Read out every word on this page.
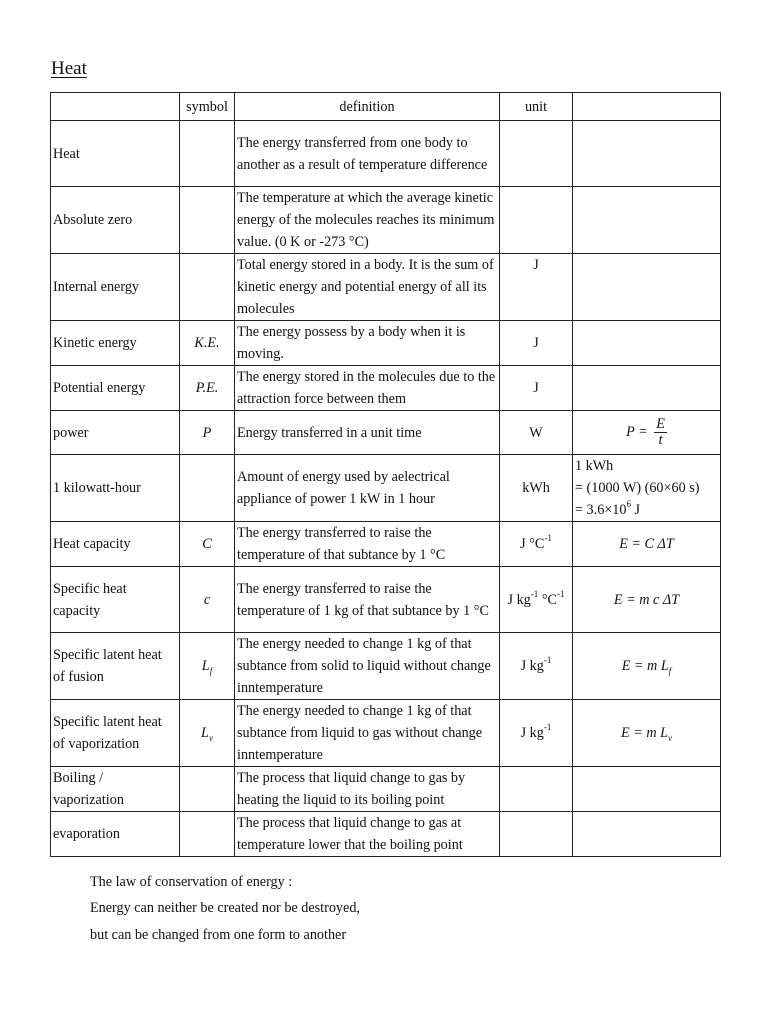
Heat
	symbol	definition	unit	
Heat		The energy transferred from one body to another as a result of temperature difference		
Absolute zero		The temperature at which the average kinetic energy of the molecules reaches its minimum value. (0 K or -273 °C)		
Internal energy		Total energy stored in a body. It is the sum of kinetic energy and potential energy of all its molecules	J	
Kinetic energy	K.E.	The energy possess by a body when it is moving.	J	
Potential energy	P.E.	The energy stored in the molecules due to the attraction force between them	J	
power	P	Energy transferred in a unit time	W	$P = \frac{E}{t}$

1 kilowatt-hour		Amount of energy used by aelectrical appliance of power 1 kW in 1 hour	kWh	1 kWh
= (1000 W) (60×60 s)
= $3.6\times 10^6$ J

Heat capacity	C	The energy transferred to raise the temperature of that subtance by 1 °C	J $^\circ C^{-1}$	E = C ΔT
Specific heat capacity	c	The energy transferred to raise the temperature of 1 kg of that subtance by 1 °C	J $kg^{-1}$ $^\circ C^{-1}$	E = m c ΔT
Specific latent heat of fusion	$L_f$	The energy needed to change 1 kg of that subtance from solid to liquid without change inntemperature	J $kg^{-1}$	E = m $L_f$
Specific latent heat of vaporization	$L_v$	The energy needed to change 1 kg of that subtance from liquid to gas without change inntemperature	J $kg^{-1}$	E = m $L_v$
Boiling / vaporization		The process that liquid change to gas by heating the liquid to its boiling point		
evaporation		The process that liquid change to gas at temperature lower that the boiling point		
The law of conservation of energy :
Energy can neither be created nor be destroyed,
but can be changed from one form to another
